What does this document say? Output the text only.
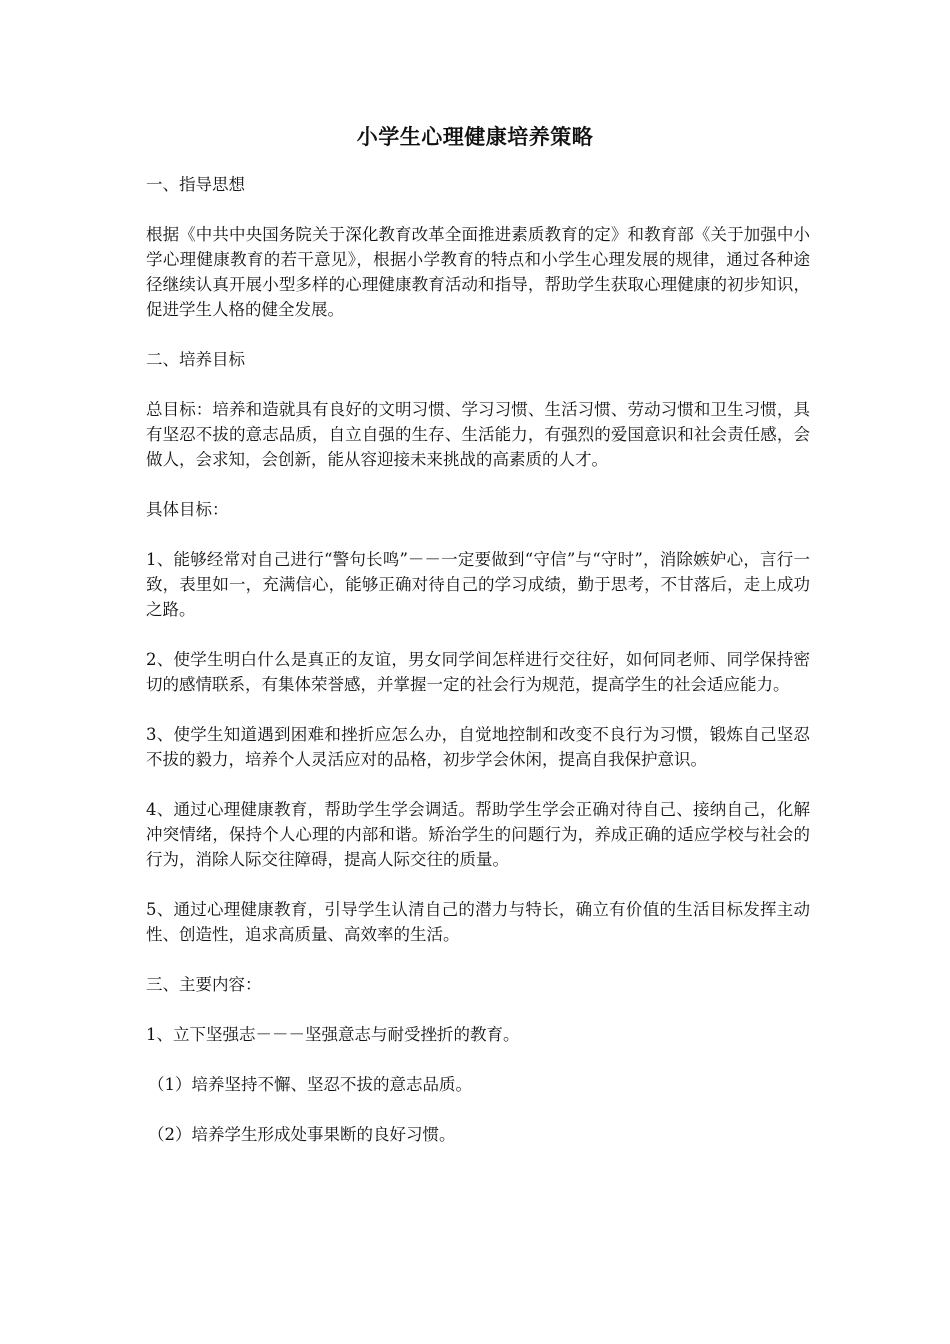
小学生心理健康培养策略

一、指导思想

根据《中共中央国务院关于深化教育改革全面推进素质教育的定》和教育部《关于加强中小学心理健康教育的若干意见》，根据小学教育的特点和小学生心理发展的规律，通过各种途径继续认真开展小型多样的心理健康教育活动和指导，帮助学生获取心理健康的初步知识，促进学生人格的健全发展。

二、培养目标

总目标：培养和造就具有良好的文明习惯、学习习惯、生活习惯、劳动习惯和卫生习惯，具有坚忍不拔的意志品质，自立自强的生存、生活能力，有强烈的爱国意识和社会责任感，会做人，会求知，会创新，能从容迎接未来挑战的高素质的人才。

具体目标：

1、能够经常对自己进行“警句长鸣”－－一定要做到“守信”与“守时”，消除嫉妒心，言行一致，表里如一，充满信心，能够正确对待自己的学习成绩，勤于思考，不甘落后，走上成功之路。

2、使学生明白什么是真正的友谊，男女同学间怎样进行交往好，如何同老师、同学保持密切的感情联系，有集体荣誉感，并掌握一定的社会行为规范，提高学生的社会适应能力。

3、使学生知道遇到困难和挫折应怎么办，自觉地控制和改变不良行为习惯，锻炼自己坚忍不拔的毅力，培养个人灵活应对的品格，初步学会休闲，提高自我保护意识。

4、通过心理健康教育，帮助学生学会调适。帮助学生学会正确对待自己、接纳自己，化解冲突情绪，保持个人心理的内部和谐。矫治学生的问题行为，养成正确的适应学校与社会的行为，消除人际交往障碍，提高人际交往的质量。

5、通过心理健康教育，引导学生认清自己的潜力与特长，确立有价值的生活目标发挥主动性、创造性，追求高质量、高效率的生活。

三、主要内容：

1、立下坚强志－－－坚强意志与耐受挫折的教育。

（1）培养坚持不懈、坚忍不拔的意志品质。

（2）培养学生形成处事果断的良好习惯。
